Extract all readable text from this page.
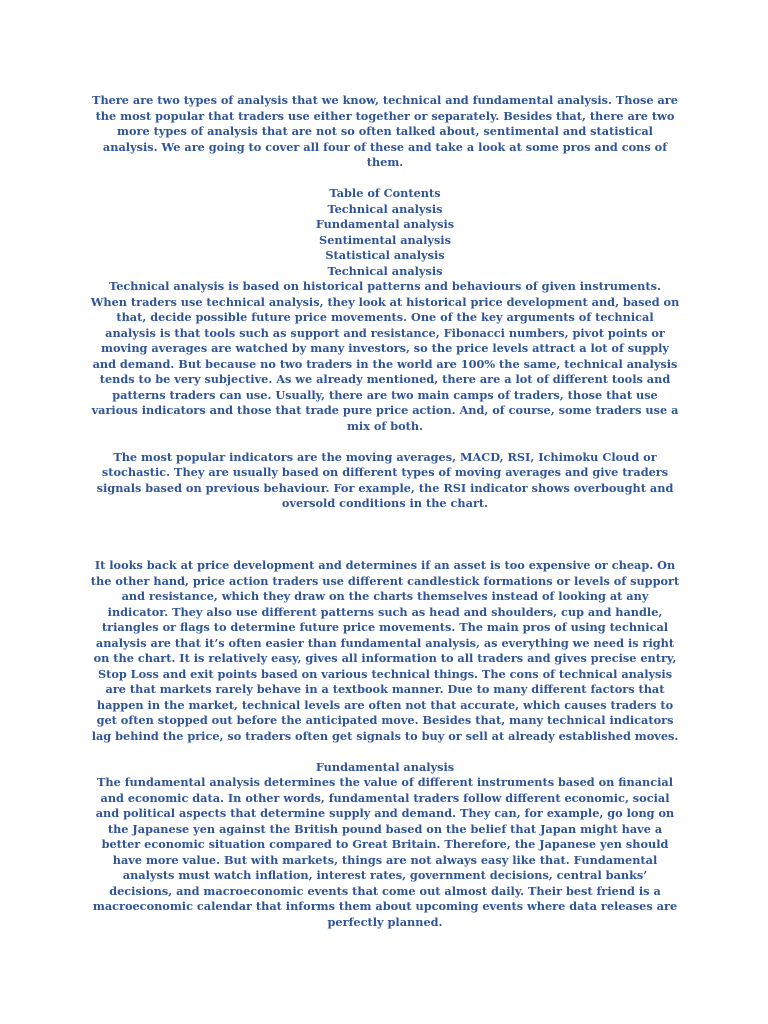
There are two types of analysis that we know, technical and fundamental analysis. Those are the most popular that traders use either together or separately. Besides that, there are two more types of analysis that are not so often talked about, sentimental and statistical analysis. We are going to cover all four of these and take a look at some pros and cons of them.

Table of Contents
Technical analysis
Fundamental analysis
Sentimental analysis
Statistical analysis
Technical analysis

Technical analysis is based on historical patterns and behaviours of given instruments. When traders use technical analysis, they look at historical price development and, based on that, decide possible future price movements. One of the key arguments of technical analysis is that tools such as support and resistance, Fibonacci numbers, pivot points or moving averages are watched by many investors, so the price levels attract a lot of supply and demand. But because no two traders in the world are 100% the same, technical analysis tends to be very subjective. As we already mentioned, there are a lot of different tools and patterns traders can use. Usually, there are two main camps of traders, those that use various indicators and those that trade pure price action. And, of course, some traders use a mix of both.

The most popular indicators are the moving averages, MACD, RSI, Ichimoku Cloud or stochastic. They are usually based on different types of moving averages and give traders signals based on previous behaviour. For example, the RSI indicator shows overbought and oversold conditions in the chart.

It looks back at price development and determines if an asset is too expensive or cheap. On the other hand, price action traders use different candlestick formations or levels of support and resistance, which they draw on the charts themselves instead of looking at any indicator. They also use different patterns such as head and shoulders, cup and handle, triangles or flags to determine future price movements. The main pros of using technical analysis are that it’s often easier than fundamental analysis, as everything we need is right on the chart. It is relatively easy, gives all information to all traders and gives precise entry, Stop Loss and exit points based on various technical things. The cons of technical analysis are that markets rarely behave in a textbook manner. Due to many different factors that happen in the market, technical levels are often not that accurate, which causes traders to get often stopped out before the anticipated move. Besides that, many technical indicators lag behind the price, so traders often get signals to buy or sell at already established moves.

Fundamental analysis

The fundamental analysis determines the value of different instruments based on financial and economic data. In other words, fundamental traders follow different economic, social and political aspects that determine supply and demand. They can, for example, go long on the Japanese yen against the British pound based on the belief that Japan might have a better economic situation compared to Great Britain. Therefore, the Japanese yen should have more value. But with markets, things are not always easy like that. Fundamental analysts must watch inflation, interest rates, government decisions, central banks’ decisions, and macroeconomic events that come out almost daily. Their best friend is a macroeconomic calendar that informs them about upcoming events where data releases are perfectly planned.
